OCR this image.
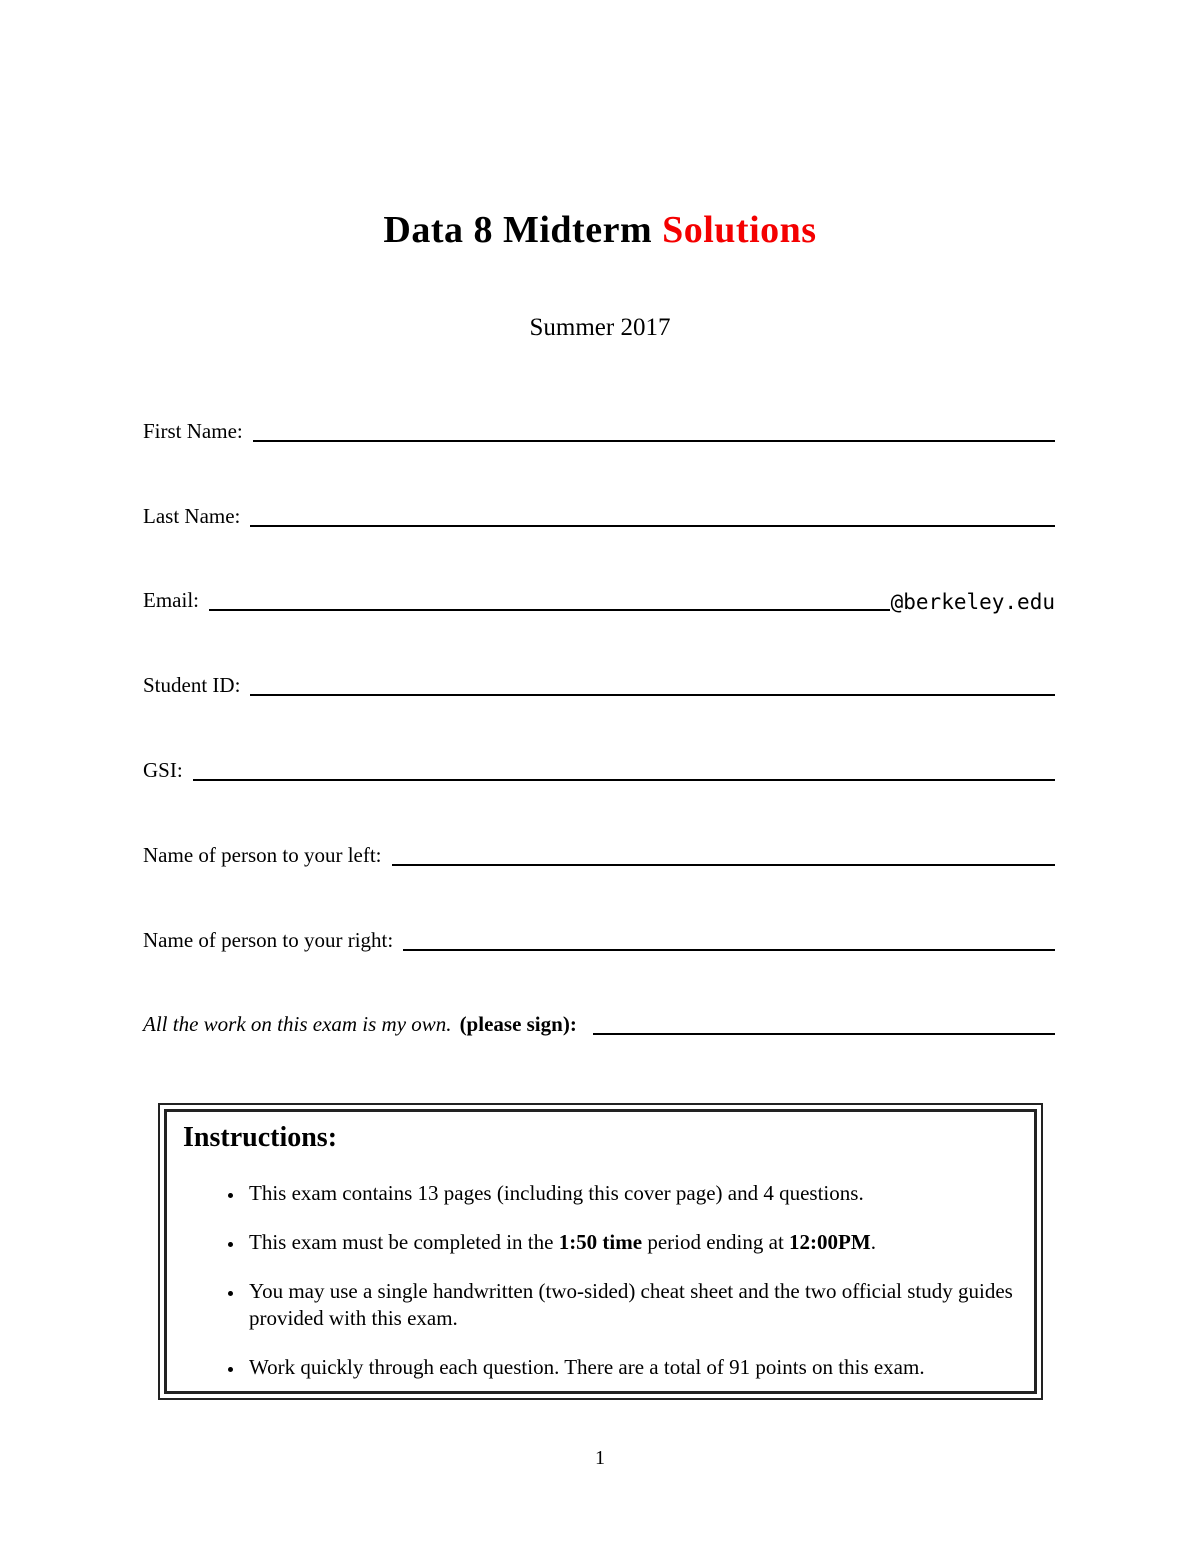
Data 8 Midterm Solutions
Summer 2017
First Name:
Last Name:
Email:	@berkeley.edu
Student ID:
GSI:
Name of person to your left:
Name of person to your right:
All the work on this exam is my own. (please sign):
Instructions:
• This exam contains 13 pages (including this cover page) and 4 questions.
• This exam must be completed in the 1:50 time period ending at 12:00PM.
• You may use a single handwritten (two-sided) cheat sheet and the two official study guides provided with this exam.
• Work quickly through each question. There are a total of 91 points on this exam.
1
